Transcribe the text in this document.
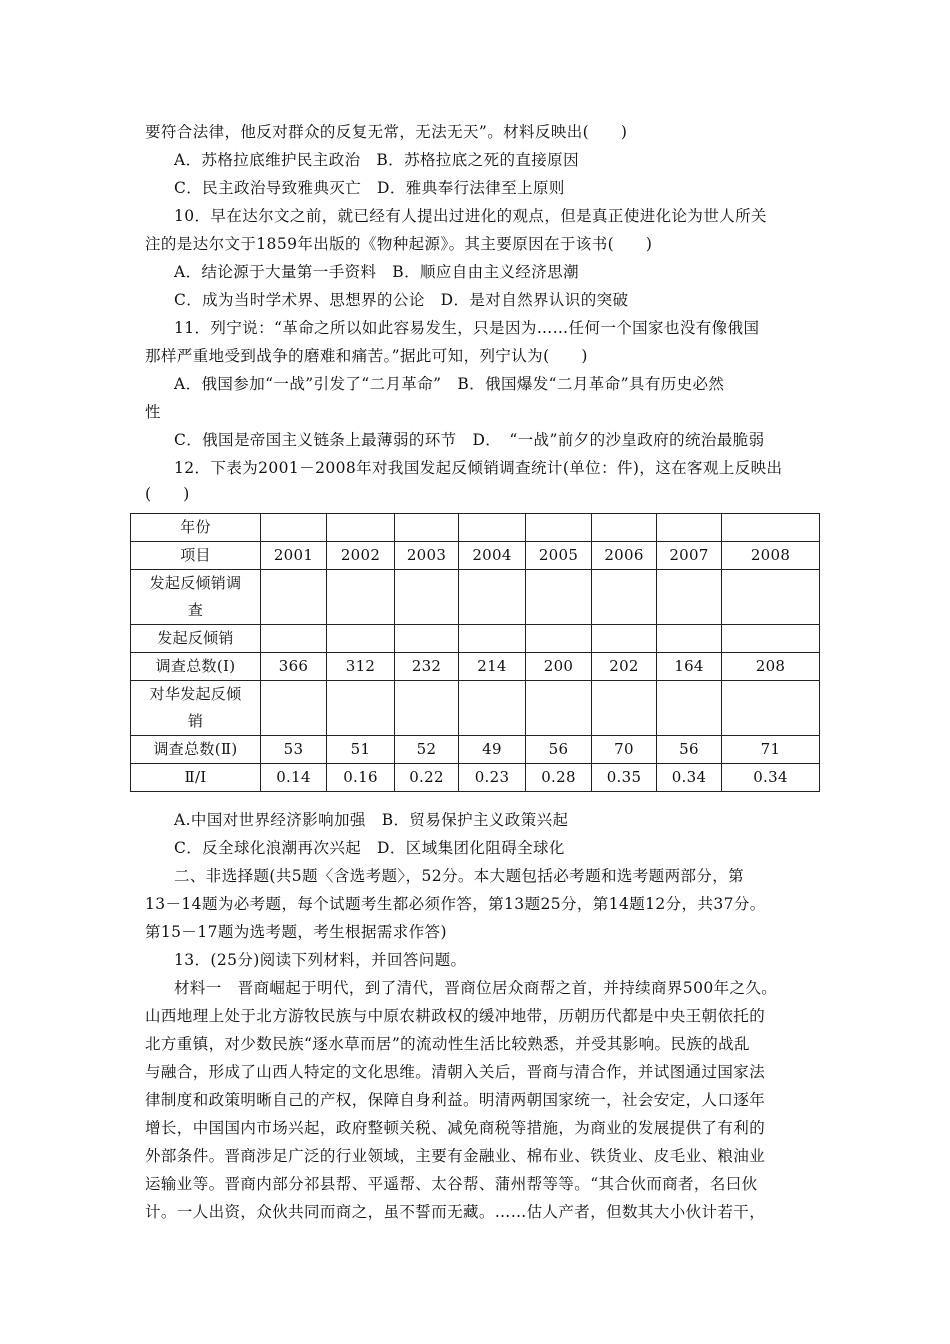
要符合法律，他反对群众的反复无常，无法无天”。材料反映出(　　)
A．苏格拉底维护民主政治　B．苏格拉底之死的直接原因
C．民主政治导致雅典灭亡　D．雅典奉行法律至上原则
10．早在达尔文之前，就已经有人提出过进化的观点，但是真正使进化论为世人所关
注的是达尔文于1859年出版的《物种起源》。其主要原因在于该书(　　)
A．结论源于大量第一手资料　B．顺应自由主义经济思潮
C．成为当时学术界、思想界的公论　D．是对自然界认识的突破
11．列宁说：“革命之所以如此容易发生，只是因为……任何一个国家也没有像俄国
那样严重地受到战争的磨难和痛苦。”据此可知，列宁认为(　　)
A．俄国参加“一战”引发了“二月革命”　B．俄国爆发“二月革命”具有历史必然
性
C．俄国是帝国主义链条上最薄弱的环节　D．　“一战”前夕的沙皇政府的统治最脆弱
12．下表为2001－2008年对我国发起反倾销调查统计(单位：件)，这在客观上反映出
(　　)
年份								
项目	2001	2002	2003	2004	2005	2006	2007	2008

发起反倾销调
查								

发起反倾销								
调查总数(Ⅰ)	366	312	232	214	200	202	164	208

对华发起反倾
销								

调查总数(Ⅱ)	53	51	52	49	56	70	56	71
Ⅱ/Ⅰ	0.14	0.16	0.22	0.23	0.28	0.35	0.34	0.34
A.中国对世界经济影响加强　B．贸易保护主义政策兴起
C．反全球化浪潮再次兴起　D．区域集团化阻碍全球化
二、非选择题(共5题〈含选考题〉，52分。本大题包括必考题和选考题两部分，第
13－14题为必考题，每个试题考生都必须作答，第13题25分，第14题12分，共37分。
第15－17题为选考题，考生根据需求作答)
13．(25分)阅读下列材料，并回答问题。
材料一　晋商崛起于明代，到了清代，晋商位居众商帮之首，并持续商界500年之久。
山西地理上处于北方游牧民族与中原农耕政权的缓冲地带，历朝历代都是中央王朝依托的
北方重镇，对少数民族“逐水草而居”的流动性生活比较熟悉，并受其影响。民族的战乱
与融合，形成了山西人特定的文化思维。清朝入关后，晋商与清合作，并试图通过国家法
律制度和政策明晰自己的产权，保障自身利益。明清两朝国家统一，社会安定，人口逐年
增长，中国国内市场兴起，政府整顿关税、减免商税等措施，为商业的发展提供了有利的
外部条件。晋商涉足广泛的行业领域，主要有金融业、棉布业、铁货业、皮毛业、粮油业
运输业等。晋商内部分祁县帮、平遥帮、太谷帮、蒲州帮等等。“其合伙而商者，名曰伙
计。一人出资，众伙共同而商之，虽不誓而无藏。……估人产者，但数其大小伙计若干，
